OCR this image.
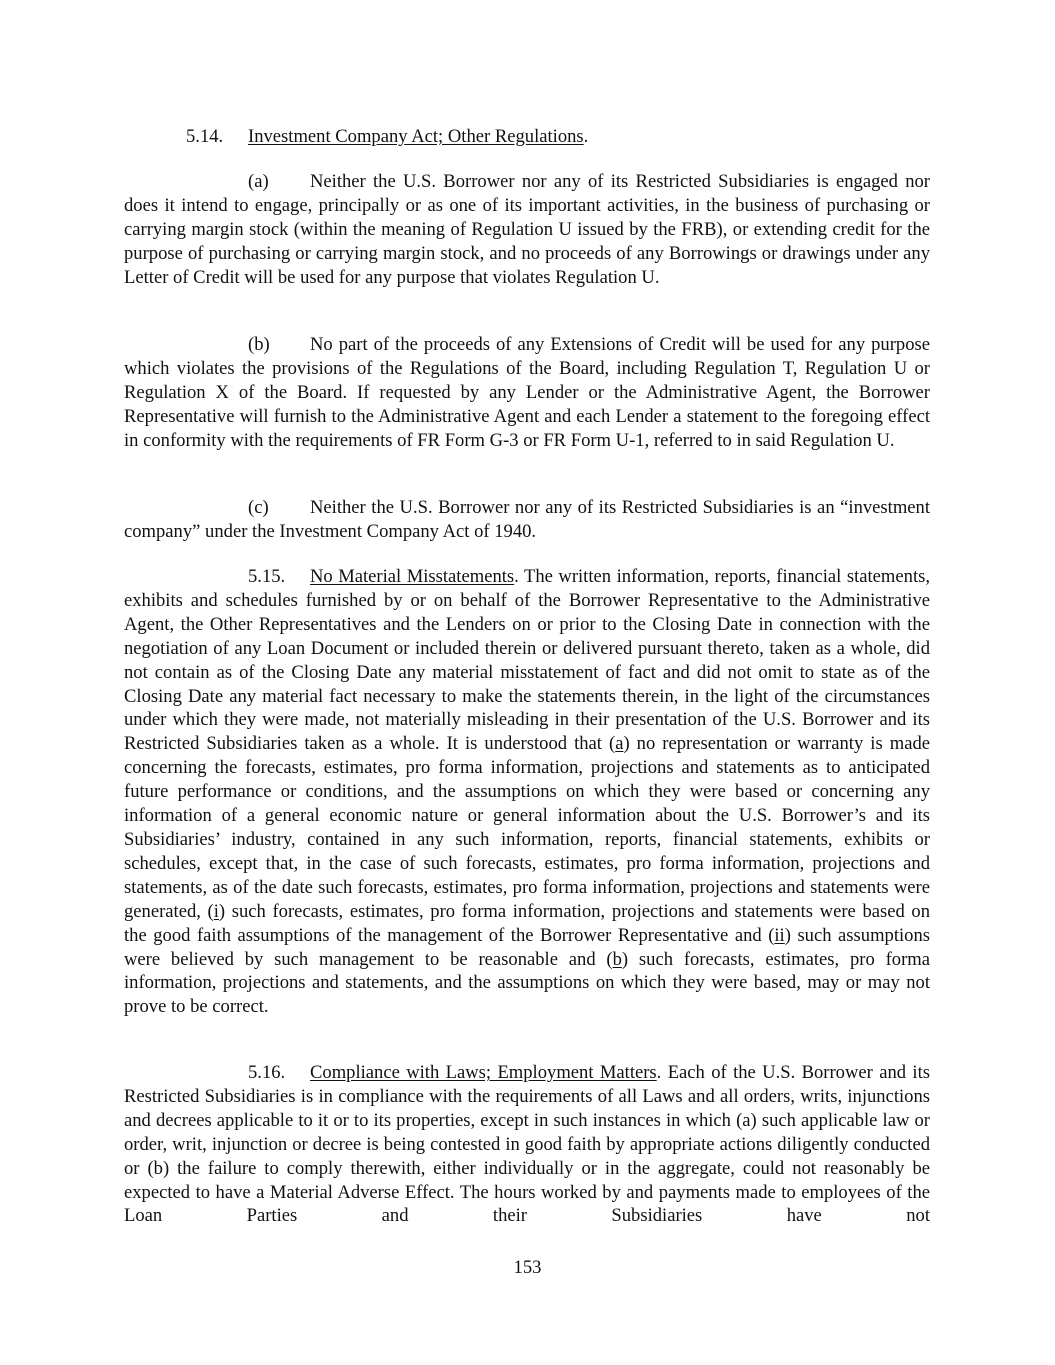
5.14. Investment Company Act; Other Regulations.

(a) Neither the U.S. Borrower nor any of its Restricted Subsidiaries is engaged nor does it intend to engage, principally or as one of its important activities, in the business of purchasing or carrying margin stock (within the meaning of Regulation U issued by the FRB), or extending credit for the purpose of purchasing or carrying margin stock, and no proceeds of any Borrowings or drawings under any Letter of Credit will be used for any purpose that violates Regulation U.

(b) No part of the proceeds of any Extensions of Credit will be used for any purpose which violates the provisions of the Regulations of the Board, including Regulation T, Regulation U or Regulation X of the Board. If requested by any Lender or the Administrative Agent, the Borrower Representative will furnish to the Administrative Agent and each Lender a statement to the foregoing effect in conformity with the requirements of FR Form G-3 or FR Form U-1, referred to in said Regulation U.

(c) Neither the U.S. Borrower nor any of its Restricted Subsidiaries is an “investment company” under the Investment Company Act of 1940.

5.15. No Material Misstatements. The written information, reports, financial statements, exhibits and schedules furnished by or on behalf of the Borrower Representative to the Administrative Agent, the Other Representatives and the Lenders on or prior to the Closing Date in connection with the negotiation of any Loan Document or included therein or delivered pursuant thereto, taken as a whole, did not contain as of the Closing Date any material misstatement of fact and did not omit to state as of the Closing Date any material fact necessary to make the statements therein, in the light of the circumstances under which they were made, not materially misleading in their presentation of the U.S. Borrower and its Restricted Subsidiaries taken as a whole. It is understood that (a) no representation or warranty is made concerning the forecasts, estimates, pro forma information, projections and statements as to anticipated future performance or conditions, and the assumptions on which they were based or concerning any information of a general economic nature or general information about the U.S. Borrower’s and its Subsidiaries’ industry, contained in any such information, reports, financial statements, exhibits or schedules, except that, in the case of such forecasts, estimates, pro forma information, projections and statements, as of the date such forecasts, estimates, pro forma information, projections and statements were generated, (i) such forecasts, estimates, pro forma information, projections and statements were based on the good faith assumptions of the management of the Borrower Representative and (ii) such assumptions were believed by such management to be reasonable and (b) such forecasts, estimates, pro forma information, projections and statements, and the assumptions on which they were based, may or may not prove to be correct.

5.16. Compliance with Laws; Employment Matters. Each of the U.S. Borrower and its Restricted Subsidiaries is in compliance with the requirements of all Laws and all orders, writs, injunctions and decrees applicable to it or to its properties, except in such instances in which (a) such applicable law or order, writ, injunction or decree is being contested in good faith by appropriate actions diligently conducted or (b) the failure to comply therewith, either individually or in the aggregate, could not reasonably be expected to have a Material Adverse Effect. The hours worked by and payments made to employees of the Loan Parties and their Subsidiaries have not

153
